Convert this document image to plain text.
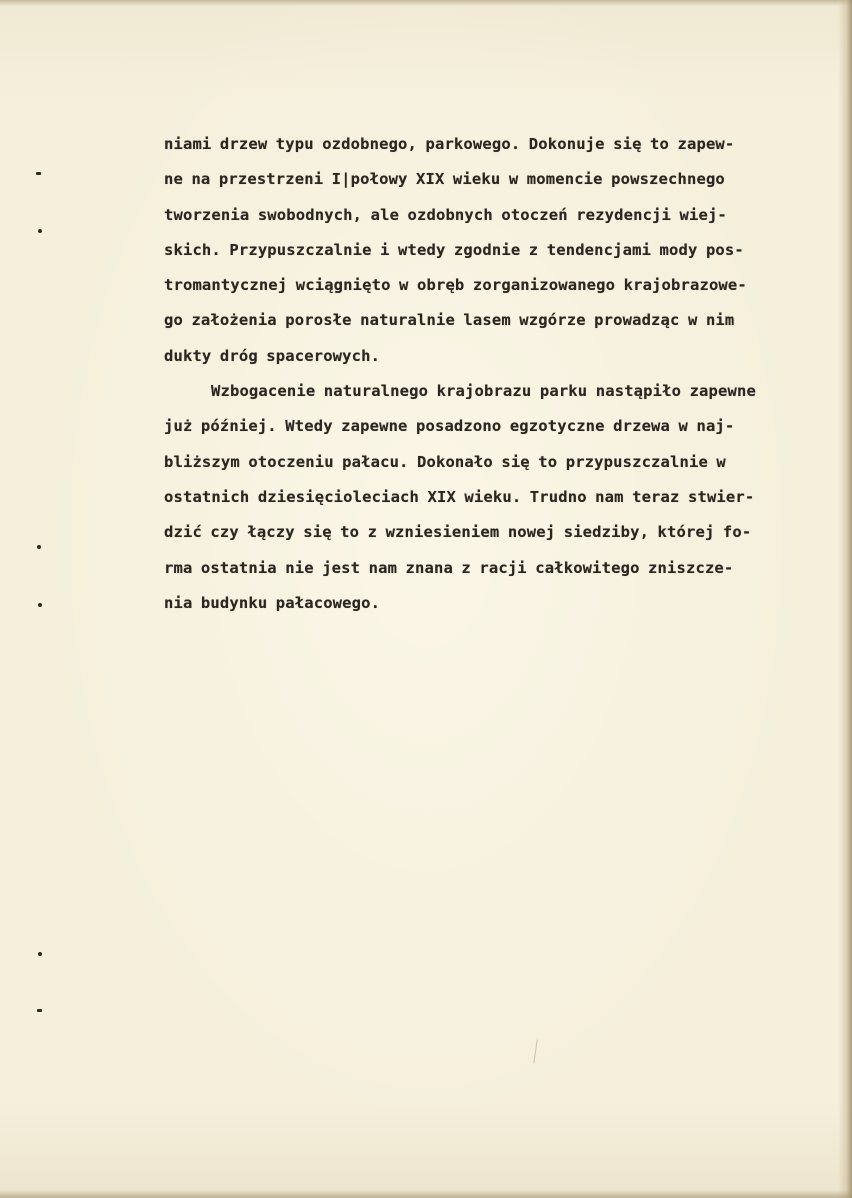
niami drzew typu ozdobnego, parkowego. Dokonuje się to zapew-
ne na przestrzeni I|połowy XIX wieku w momencie powszechnego
tworzenia swobodnych, ale ozdobnych otoczeń rezydencji wiej-
skich. Przypuszczalnie i wtedy zgodnie z tendencjami mody pos-
tromantycznej wciągnięto w obręb zorganizowanego krajobrazowe-
go założenia porosłe naturalnie lasem wzgórze prowadząc w nim
dukty dróg spacerowych.
Wzbogacenie naturalnego krajobrazu parku nastąpiło zapewne
już później. Wtedy zapewne posadzono egzotyczne drzewa w naj-
bliższym otoczeniu pałacu. Dokonało się to przypuszczalnie w
ostatnich dziesięcioleciach XIX wieku. Trudno nam teraz stwier-
dzić czy łączy się to z wzniesieniem nowej siedziby, której fo-
rma ostatnia nie jest nam znana z racji całkowitego zniszcze-
nia budynku pałacowego.
